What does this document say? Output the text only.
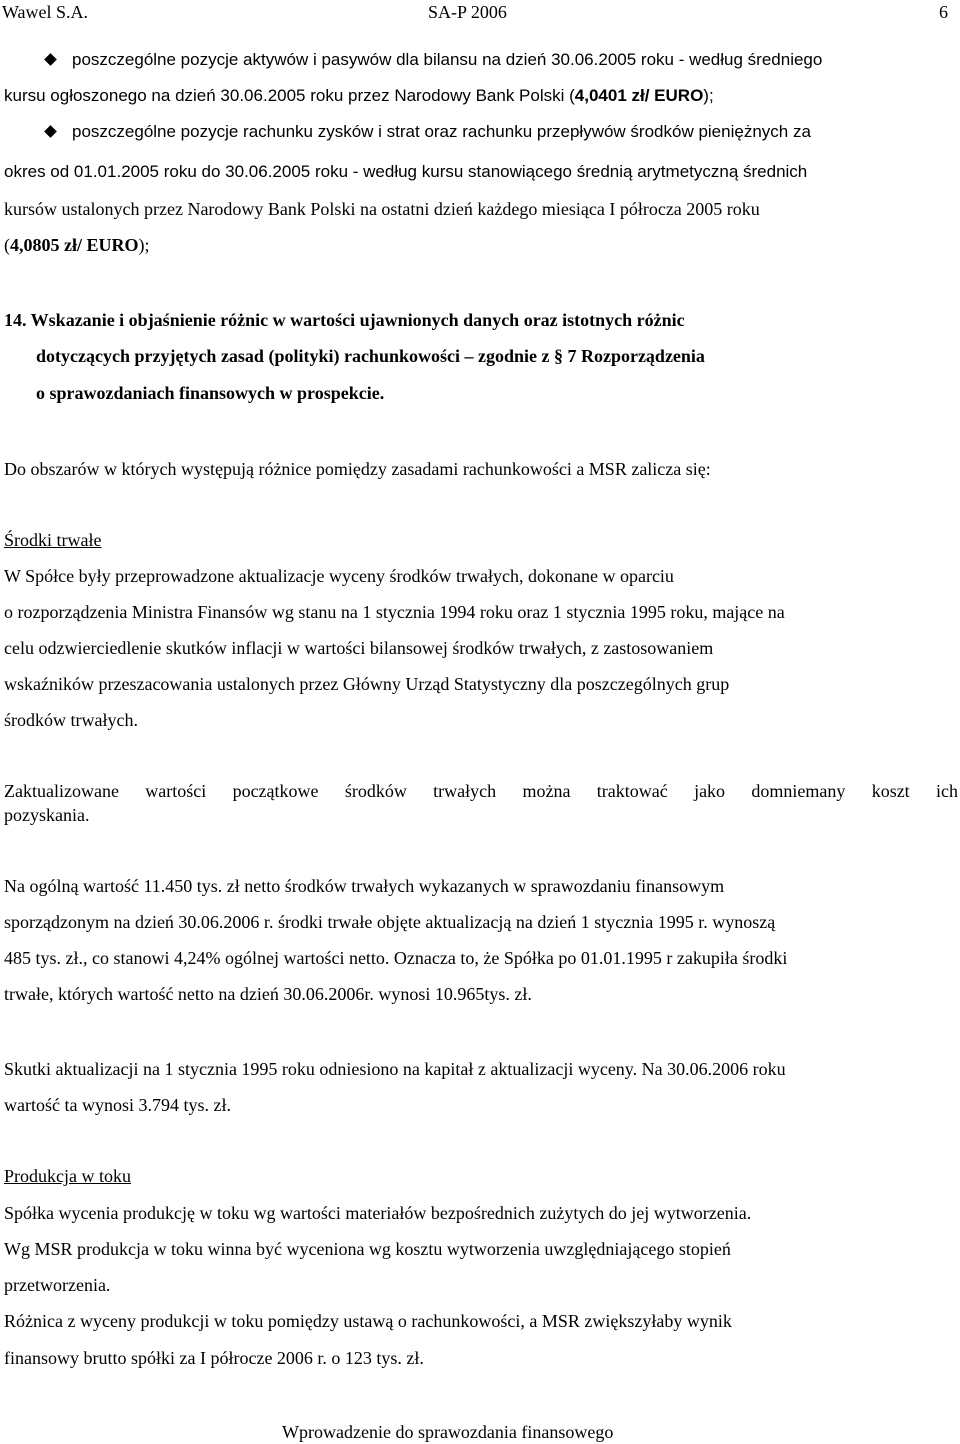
Wawel S.A.	SA-P 2006	6
poszczególne pozycje aktywów i pasywów dla bilansu na dzień 30.06.2005 roku - według średniego
kursu ogłoszonego na dzień 30.06.2005 roku przez Narodowy Bank Polski (4,0401 zł/ EURO);
poszczególne pozycje rachunku zysków i strat oraz rachunku przepływów środków pieniężnych za
okres od 01.01.2005 roku do 30.06.2005 roku - według kursu stanowiącego średnią arytmetyczną średnich
kursów ustalonych przez Narodowy Bank Polski na ostatni dzień każdego miesiąca I półrocza 2005 roku
(4,0805 zł/ EURO);
14. Wskazanie i objaśnienie różnic w wartości ujawnionych danych oraz istotnych różnic
dotyczących przyjętych zasad (polityki) rachunkowości – zgodnie z § 7 Rozporządzenia
o sprawozdaniach finansowych w prospekcie.
Do obszarów w których występują różnice pomiędzy zasadami rachunkowości a MSR zalicza się:
Środki trwałe
W Spółce były przeprowadzone aktualizacje wyceny środków trwałych, dokonane w oparciu
o rozporządzenia Ministra Finansów wg stanu na 1 stycznia 1994 roku oraz 1 stycznia 1995 roku, mające na
celu odzwierciedlenie skutków inflacji w wartości bilansowej środków trwałych, z zastosowaniem
wskaźników przeszacowania ustalonych przez Główny Urząd Statystyczny dla poszczególnych grup
środków trwałych.
Zaktualizowane wartości początkowe środków trwałych można traktować jako domniemany koszt ich
pozyskania.
Na ogólną wartość 11.450 tys. zł netto środków trwałych wykazanych w sprawozdaniu finansowym
sporządzonym na dzień 30.06.2006 r. środki trwałe objęte aktualizacją na dzień 1 stycznia 1995 r. wynoszą
485 tys. zł., co stanowi 4,24% ogólnej wartości netto. Oznacza to, że Spółka po 01.01.1995 r zakupiła środki
trwałe, których wartość netto na dzień 30.06.2006r. wynosi 10.965tys. zł.
Skutki aktualizacji na 1 stycznia 1995 roku odniesiono na kapitał z aktualizacji wyceny. Na 30.06.2006 roku
wartość ta wynosi 3.794 tys. zł.
Produkcja w toku
Spółka wycenia produkcję w toku wg wartości materiałów bezpośrednich zużytych do jej wytworzenia.
Wg MSR produkcja w toku winna być wyceniona wg kosztu wytworzenia uwzględniającego stopień
przetworzenia.
Różnica z wyceny produkcji w toku pomiędzy ustawą o rachunkowości, a MSR zwiększyłaby wynik
finansowy brutto spółki za I półrocze 2006 r. o 123 tys. zł.
Wprowadzenie do sprawozdania finansowego
